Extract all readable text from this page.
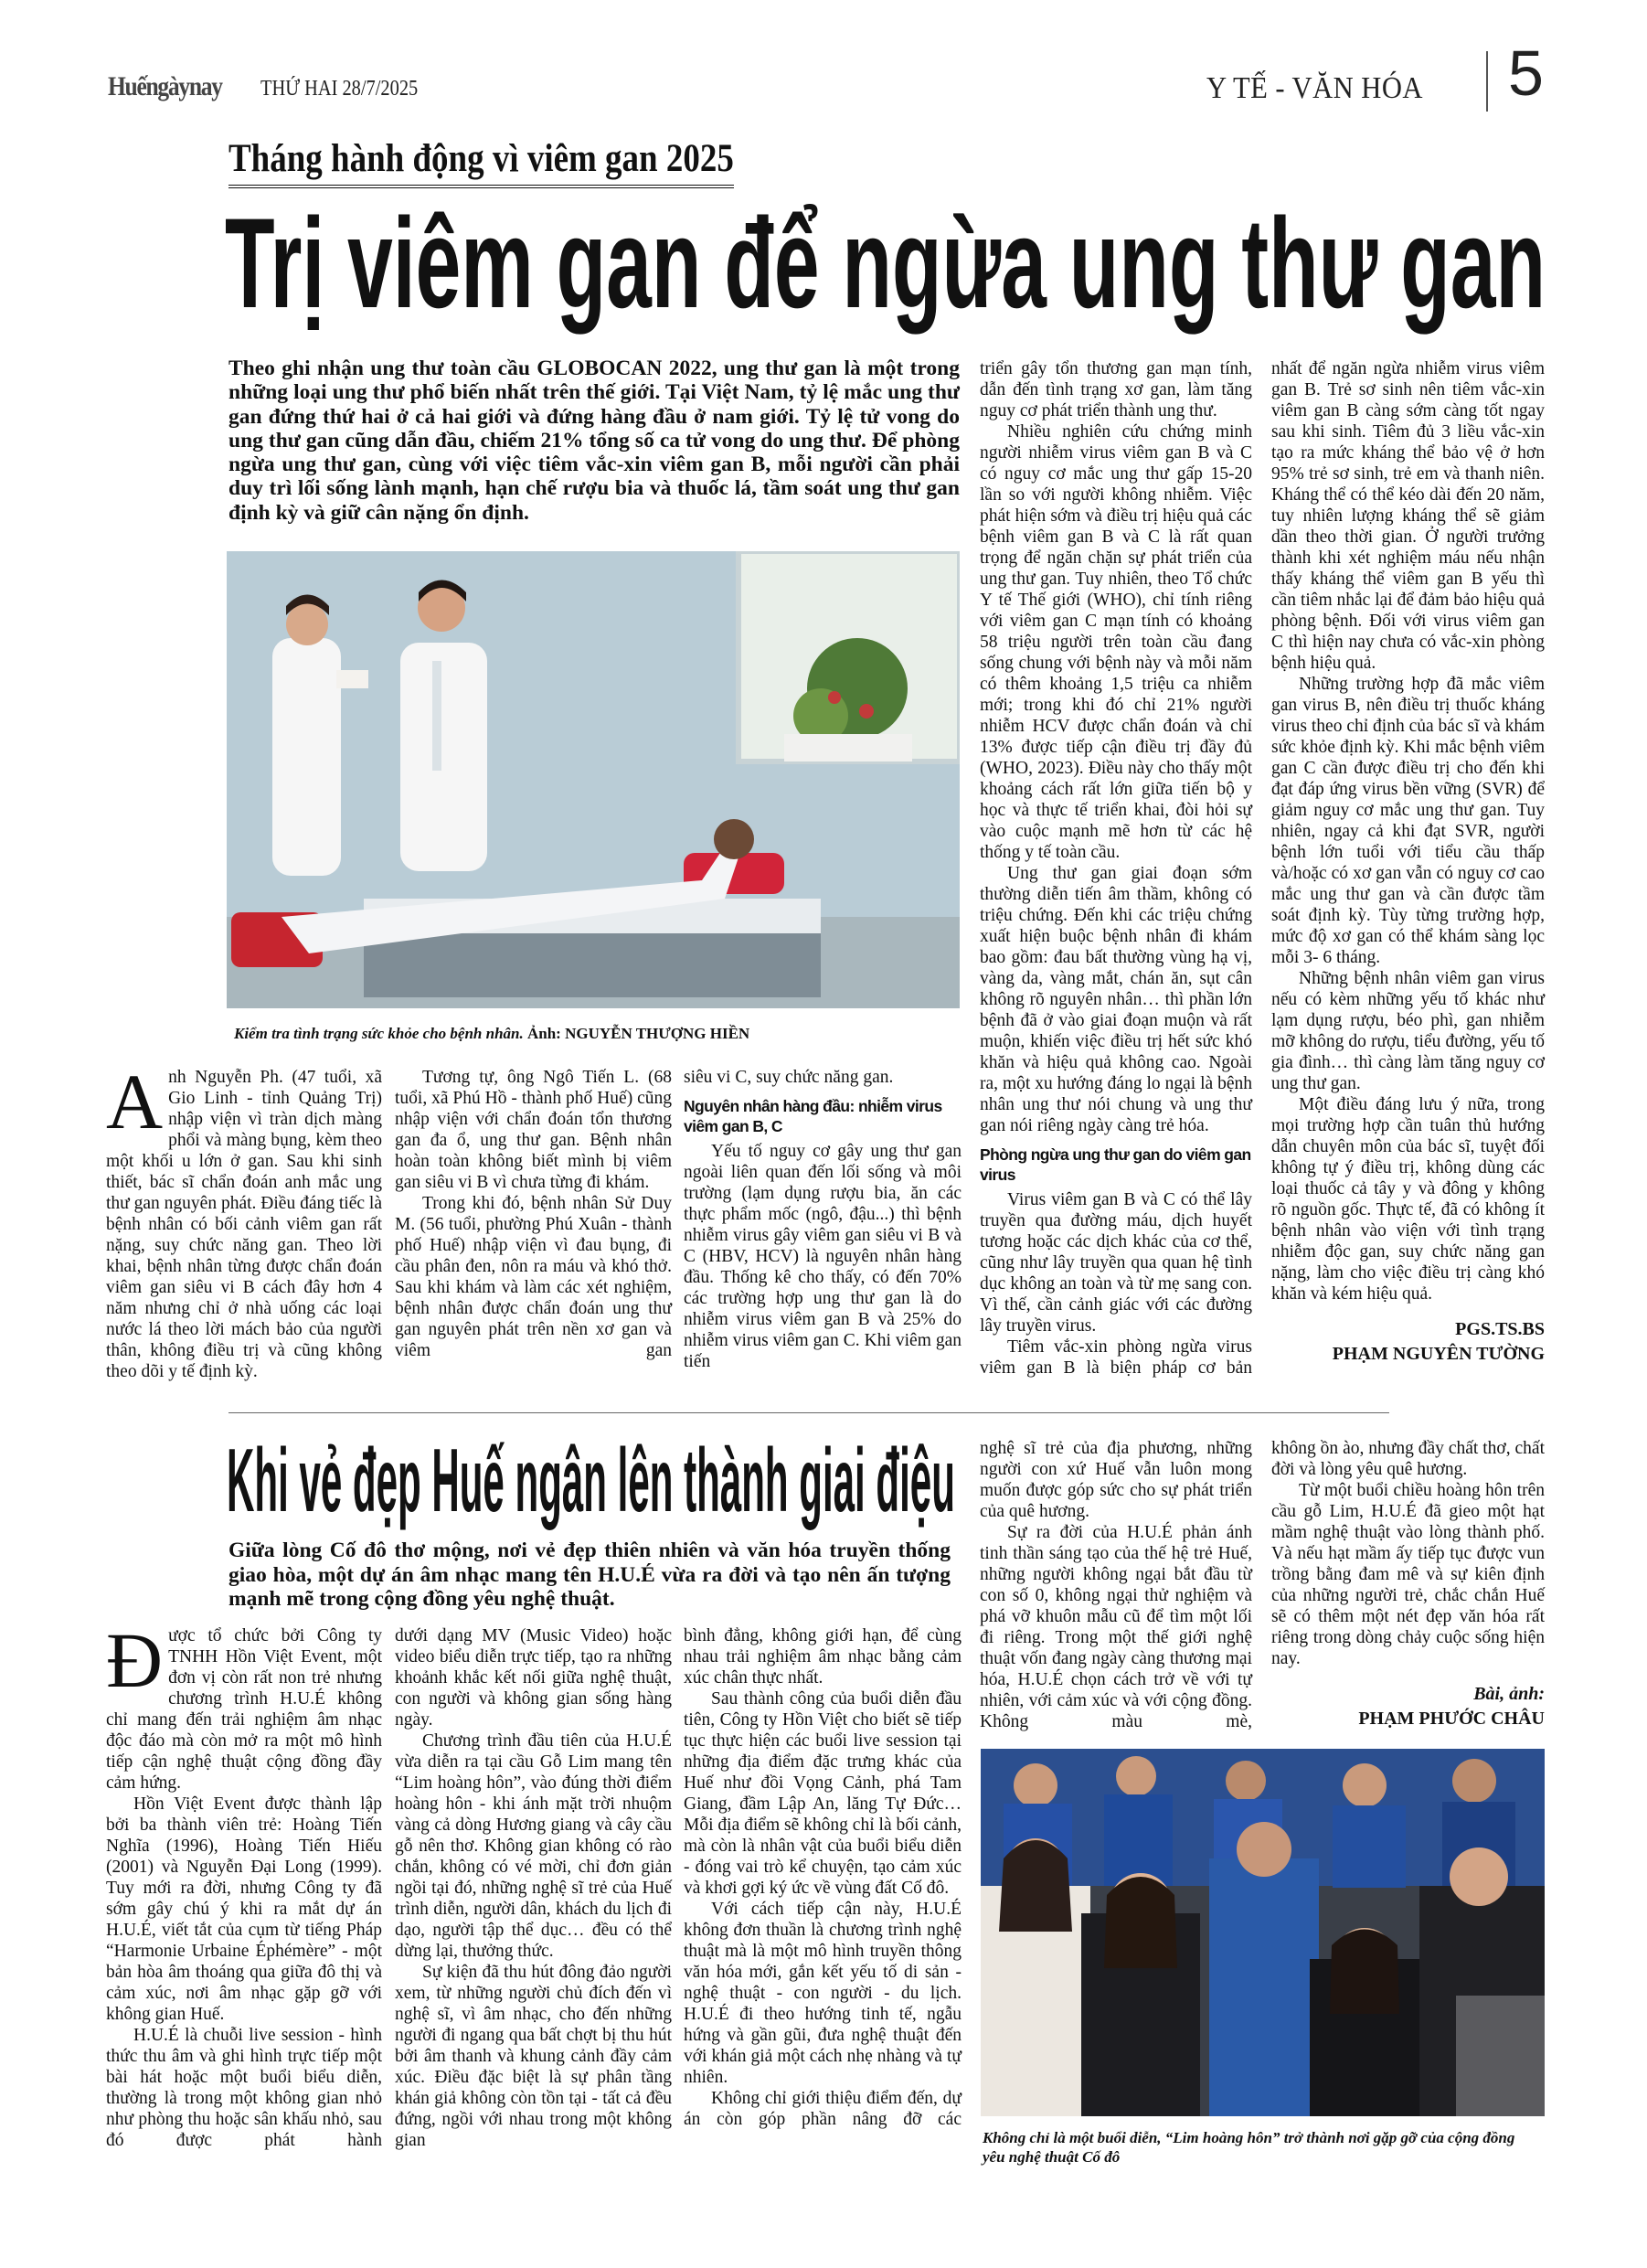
Huếngàynay THỨ HAI 28/7/2025	Y TẾ - VĂN HÓA 5
Tháng hành động vì viêm gan 2025
Trị viêm gan để ngừa ung thư gan
Theo ghi nhận ung thư toàn cầu GLOBOCAN 2022, ung thư gan là một trong những loại ung thư phổ biến nhất trên thế giới. Tại Việt Nam, tỷ lệ mắc ung thư gan đứng thứ hai ở cả hai giới và đứng hàng đầu ở nam giới. Tỷ lệ tử vong do ung thư gan cũng dẫn đầu, chiếm 21% tổng số ca tử vong do ung thư. Để phòng ngừa ung thư gan, cùng với việc tiêm vắc-xin viêm gan B, mỗi người cần phải duy trì lối sống lành mạnh, hạn chế rượu bia và thuốc lá, tầm soát ung thư gan định kỳ và giữ cân nặng ổn định.
Kiểm tra tình trạng sức khỏe cho bệnh nhân. Ảnh: NGUYỄN THƯỢNG HIỀN

Anh Nguyễn Ph. (47 tuổi, xã Gio Linh - tỉnh Quảng Trị) nhập viện vì tràn dịch màng phổi và màng bụng, kèm theo một khối u lớn ở gan. Sau khi sinh thiết, bác sĩ chẩn đoán anh mắc ung thư gan nguyên phát. Điều đáng tiếc là bệnh nhân có bối cảnh viêm gan rất nặng, suy chức năng gan. Theo lời khai, bệnh nhân từng được chẩn đoán viêm gan siêu vi B cách đây hơn 4 năm nhưng chỉ ở nhà uống các loại nước lá theo lời mách bảo của người thân, không điều trị và cũng không theo dõi y tế định kỳ.

Tương tự, ông Ngô Tiến L. (68 tuổi, xã Phú Hồ - thành phố Huế) cũng nhập viện với chẩn đoán tổn thương gan đa ổ, ung thư gan. Bệnh nhân hoàn toàn không biết mình bị viêm gan siêu vi B vì chưa từng đi khám.

Trong khi đó, bệnh nhân Sử Duy M. (56 tuổi, phường Phú Xuân - thành phố Huế) nhập viện vì đau bụng, đi cầu phân đen, nôn ra máu và khó thở. Sau khi khám và làm các xét nghiệm, bệnh nhân được chẩn đoán ung thư gan nguyên phát trên nền xơ gan và viêm gan

siêu vi C, suy chức năng gan.

Nguyên nhân hàng đầu: nhiễm virus viêm gan B, C

Yếu tố nguy cơ gây ung thư gan ngoài liên quan đến lối sống và môi trường (lạm dụng rượu bia, ăn các thực phẩm mốc (ngô, đậu...) thì bệnh nhiễm virus gây viêm gan siêu vi B và C (HBV, HCV) là nguyên nhân hàng đầu. Thống kê cho thấy, có đến 70% các trường hợp ung thư gan là do nhiễm virus viêm gan B và 25% do nhiễm virus viêm gan C. Khi viêm gan tiến

triển gây tổn thương gan mạn tính, dẫn đến tình trạng xơ gan, làm tăng nguy cơ phát triển thành ung thư.

Nhiều nghiên cứu chứng minh người nhiễm virus viêm gan B và C có nguy cơ mắc ung thư gấp 15-20 lần so với người không nhiễm. Việc phát hiện sớm và điều trị hiệu quả các bệnh viêm gan B và C là rất quan trọng để ngăn chặn sự phát triển của ung thư gan. Tuy nhiên, theo Tổ chức Y tế Thế giới (WHO), chỉ tính riêng với viêm gan C mạn tính có khoảng 58 triệu người trên toàn cầu đang sống chung với bệnh này và mỗi năm có thêm khoảng 1,5 triệu ca nhiễm mới; trong khi đó chỉ 21% người nhiễm HCV được chẩn đoán và chỉ 13% được tiếp cận điều trị đầy đủ (WHO, 2023). Điều này cho thấy một khoảng cách rất lớn giữa tiến bộ y học và thực tế triển khai, đòi hỏi sự vào cuộc mạnh mẽ hơn từ các hệ thống y tế toàn cầu.

Ung thư gan giai đoạn sớm thường diễn tiến âm thầm, không có triệu chứng. Đến khi các triệu chứng xuất hiện buộc bệnh nhân đi khám bao gồm: đau bất thường vùng hạ vị, vàng da, vàng mắt, chán ăn, sụt cân không rõ nguyên nhân… thì phần lớn bệnh đã ở vào giai đoạn muộn và rất muộn, khiến việc điều trị hết sức khó khăn và hiệu quả không cao. Ngoài ra, một xu hướng đáng lo ngại là bệnh nhân ung thư nói chung và ung thư gan nói riêng ngày càng trẻ hóa.

Phòng ngừa ung thư gan do viêm gan virus

Virus viêm gan B và C có thể lây truyền qua đường máu, dịch huyết tương hoặc các dịch khác của cơ thể, cũng như lây truyền qua quan hệ tình dục không an toàn và từ mẹ sang con. Vì thế, cần cảnh giác với các đường lây truyền virus.

Tiêm vắc-xin phòng ngừa virus viêm gan B là biện pháp cơ bản

nhất để ngăn ngừa nhiễm virus viêm gan B. Trẻ sơ sinh nên tiêm vắc-xin viêm gan B càng sớm càng tốt ngay sau khi sinh. Tiêm đủ 3 liều vắc-xin tạo ra mức kháng thể bảo vệ ở hơn 95% trẻ sơ sinh, trẻ em và thanh niên. Kháng thể có thể kéo dài đến 20 năm, tuy nhiên lượng kháng thể sẽ giảm dần theo thời gian. Ở người trưởng thành khi xét nghiệm máu nếu nhận thấy kháng thể viêm gan B yếu thì cần tiêm nhắc lại để đảm bảo hiệu quả phòng bệnh. Đối với virus viêm gan C thì hiện nay chưa có vắc-xin phòng bệnh hiệu quả.

Những trường hợp đã mắc viêm gan virus B, nên điều trị thuốc kháng virus theo chỉ định của bác sĩ và khám sức khỏe định kỳ. Khi mắc bệnh viêm gan C cần được điều trị cho đến khi đạt đáp ứng virus bền vững (SVR) để giảm nguy cơ mắc ung thư gan. Tuy nhiên, ngay cả khi đạt SVR, người bệnh lớn tuổi với tiểu cầu thấp và/hoặc có xơ gan vẫn có nguy cơ cao mắc ung thư gan và cần được tầm soát định kỳ. Tùy từng trường hợp, mức độ xơ gan có thể khám sàng lọc mỗi 3- 6 tháng.

Những bệnh nhân viêm gan virus nếu có kèm những yếu tố khác như lạm dụng rượu, béo phì, gan nhiễm mỡ không do rượu, tiểu đường, yếu tố gia đình… thì càng làm tăng nguy cơ ung thư gan.

Một điều đáng lưu ý nữa, trong mọi trường hợp cần tuân thủ hướng dẫn chuyên môn của bác sĩ, tuyệt đối không tự ý điều trị, không dùng các loại thuốc cả tây y và đông y không rõ nguồn gốc. Thực tế, đã có không ít bệnh nhân vào viện với tình trạng nhiễm độc gan, suy chức năng gan nặng, làm cho việc điều trị càng khó khăn và kém hiệu quả.

PGS.TS.BS
PHẠM NGUYÊN TƯỜNG
Khi vẻ đẹp Huế ngân lên thành giai điệu
Giữa lòng Cố đô thơ mộng, nơi vẻ đẹp thiên nhiên và văn hóa truyền thống giao hòa, một dự án âm nhạc mang tên H.U.É vừa ra đời và tạo nên ấn tượng mạnh mẽ trong cộng đồng yêu nghệ thuật.

Được tổ chức bởi Công ty TNHH Hồn Việt Event, một đơn vị còn rất non trẻ nhưng chương trình H.U.É không chỉ mang đến trải nghiệm âm nhạc độc đáo mà còn mở ra một mô hình tiếp cận nghệ thuật cộng đồng đầy cảm hứng.

Hồn Việt Event được thành lập bởi ba thành viên trẻ: Hoàng Tiến Nghĩa (1996), Hoàng Tiến Hiếu (2001) và Nguyễn Đại Long (1999). Tuy mới ra đời, nhưng Công ty đã sớm gây chú ý khi ra mắt dự án H.U.É, viết tắt của cụm từ tiếng Pháp “Harmonie Urbaine Éphémère” - một bản hòa âm thoáng qua giữa đô thị và cảm xúc, nơi âm nhạc gặp gỡ với không gian Huế.

H.U.É là chuỗi live session - hình thức thu âm và ghi hình trực tiếp một bài hát hoặc một buổi biểu diễn, thường là trong một không gian nhỏ như phòng thu hoặc sân khấu nhỏ, sau đó được phát hành

dưới dạng MV (Music Video) hoặc video biểu diễn trực tiếp, tạo ra những khoảnh khắc kết nối giữa nghệ thuật, con người và không gian sống hàng ngày.

Chương trình đầu tiên của H.U.É vừa diễn ra tại cầu Gỗ Lim mang tên “Lim hoàng hôn”, vào đúng thời điểm hoàng hôn - khi ánh mặt trời nhuộm vàng cả dòng Hương giang và cây cầu gỗ nên thơ. Không gian không có rào chắn, không có vé mời, chỉ đơn giản ngồi tại đó, những nghệ sĩ trẻ của Huế trình diễn, người dân, khách du lịch đi dạo, người tập thể dục… đều có thể dừng lại, thưởng thức.

Sự kiện đã thu hút đông đảo người xem, từ những người chủ đích đến vì nghệ sĩ, vì âm nhạc, cho đến những người đi ngang qua bất chợt bị thu hút bởi âm thanh và khung cảnh đầy cảm xúc. Điều đặc biệt là sự phân tầng khán giả không còn tồn tại - tất cả đều đứng, ngồi với nhau trong một không gian

bình đẳng, không giới hạn, để cùng nhau trải nghiệm âm nhạc bằng cảm xúc chân thực nhất.

Sau thành công của buổi diễn đầu tiên, Công ty Hồn Việt cho biết sẽ tiếp tục thực hiện các buổi live session tại những địa điểm đặc trưng khác của Huế như đồi Vọng Cảnh, phá Tam Giang, đầm Lập An, lăng Tự Đức… Mỗi địa điểm sẽ không chỉ là bối cảnh, mà còn là nhân vật của buổi biểu diễn - đóng vai trò kể chuyện, tạo cảm xúc và khơi gợi ký ức về vùng đất Cố đô.

Với cách tiếp cận này, H.U.É không đơn thuần là chương trình nghệ thuật mà là một mô hình truyền thông văn hóa mới, gắn kết yếu tố di sản - nghệ thuật - con người - du lịch. H.U.É đi theo hướng tinh tế, ngẫu hứng và gần gũi, đưa nghệ thuật đến với khán giả một cách nhẹ nhàng và tự nhiên.

Không chỉ giới thiệu điểm đến, dự án còn góp phần nâng đỡ các

nghệ sĩ trẻ của địa phương, những người con xứ Huế vẫn luôn mong muốn được góp sức cho sự phát triển của quê hương.

Sự ra đời của H.U.É phản ánh tinh thần sáng tạo của thế hệ trẻ Huế, những người không ngại bắt đầu từ con số 0, không ngại thử nghiệm và phá vỡ khuôn mẫu cũ để tìm một lối đi riêng. Trong một thế giới nghệ thuật vốn đang ngày càng thương mại hóa, H.U.É chọn cách trở về với tự nhiên, với cảm xúc và với cộng đồng. Không màu mè,

không ồn ào, nhưng đầy chất thơ, chất đời và lòng yêu quê hương.

Từ một buổi chiều hoàng hôn trên cầu gỗ Lim, H.U.É đã gieo một hạt mầm nghệ thuật vào lòng thành phố. Và nếu hạt mầm ấy tiếp tục được vun trồng bằng đam mê và sự kiên định của những người trẻ, chắc chắn Huế sẽ có thêm một nét đẹp văn hóa rất riêng trong dòng chảy cuộc sống hiện nay.

Bài, ảnh:
PHẠM PHƯỚC CHÂU
Không chỉ là một buổi diễn, “Lim hoàng hôn” trở thành nơi gặp gỡ của cộng đồng yêu nghệ thuật Cố đô
